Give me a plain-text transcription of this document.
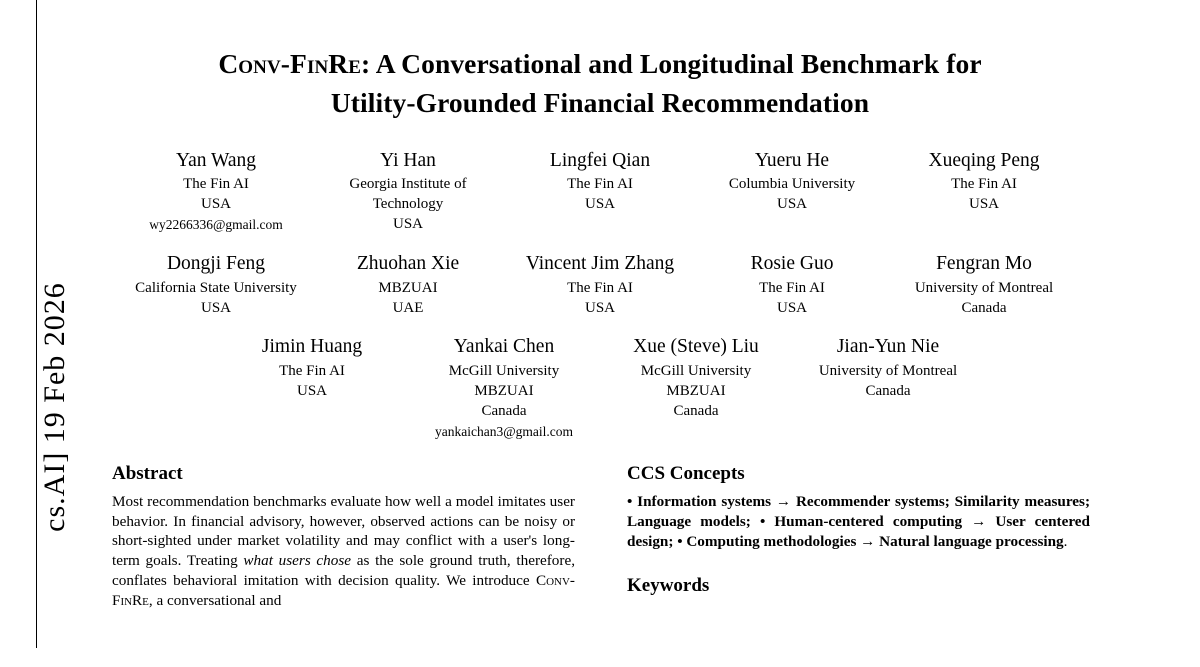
cs.AI] 19 Feb 2026
Conv-FinRe: A Conversational and Longitudinal Benchmark for
Utility-Grounded Financial Recommendation
Yan Wang
The Fin AI
USA
wy2266336@gmail.com
Yi Han
Georgia Institute of Technology
USA
Lingfei Qian
The Fin AI
USA
Yueru He
Columbia University
USA
Xueqing Peng
The Fin AI
USA
Dongji Feng
California State University
USA
Zhuohan Xie
MBZUAI
UAE
Vincent Jim Zhang
The Fin AI
USA
Rosie Guo
The Fin AI
USA
Fengran Mo
University of Montreal
Canada
Jimin Huang
The Fin AI
USA
Yankai Chen
McGill University
MBZUAI
Canada
yankaichan3@gmail.com
Xue (Steve) Liu
McGill University
MBZUAI
Canada
Jian-Yun Nie
University of Montreal
Canada
Abstract

Most recommendation benchmarks evaluate how well a model imitates user behavior. In financial advisory, however, observed actions can be noisy or short-sighted under market volatility and may conflict with a user's long-term goals. Treating what users chose as the sole ground truth, therefore, conflates behavioral imitation with decision quality. We introduce Conv-FinRe, a conversational and

CCS Concepts

• Information systems → Recommender systems; Similarity measures; Language models; • Human-centered computing → User centered design; • Computing methodologies → Natural language processing.

Keywords
